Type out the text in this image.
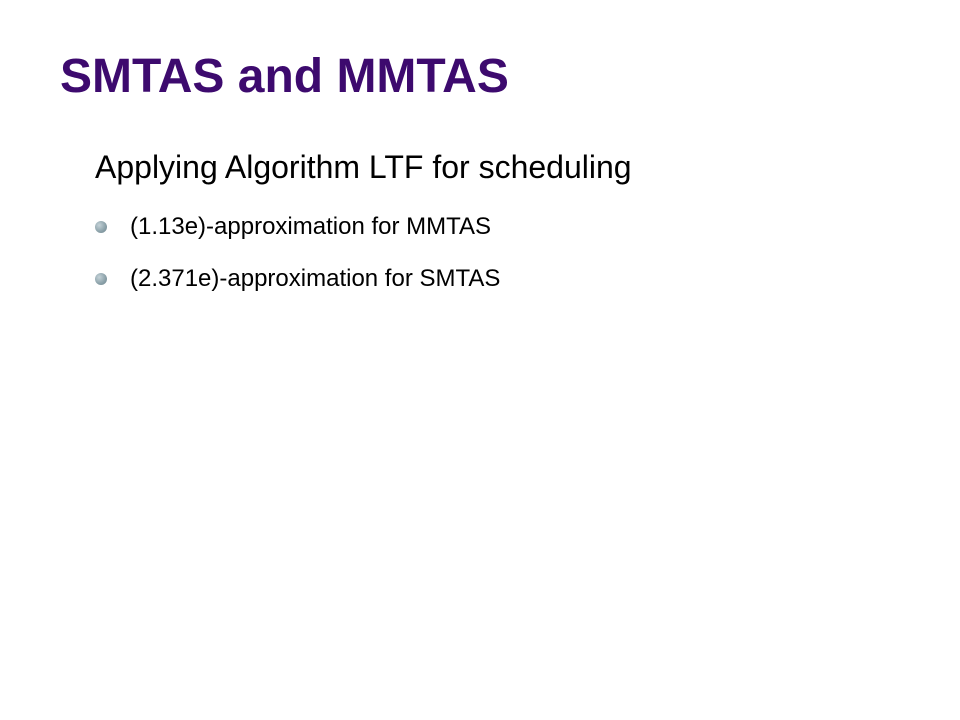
SMTAS and MMTAS

Applying Algorithm LTF for scheduling

(1.13e)-approximation for MMTAS
(2.371e)-approximation for SMTAS
